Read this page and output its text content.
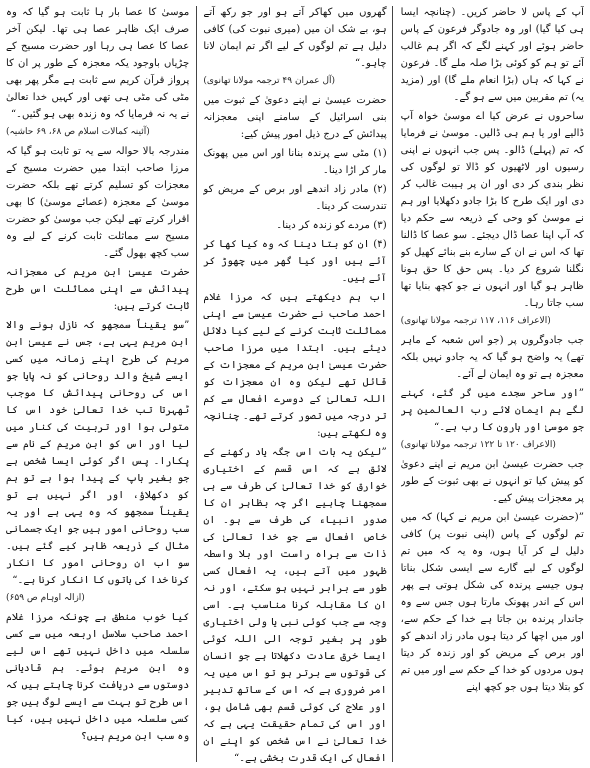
آپ کے پاس لا حاضر کریں۔ (چنانچہ ایسا ہی کیا گیا) اور وہ جادوگر فرعون کے پاس حاضر ہوئے اور کہنے لگے کہ اگر ہم غالب آئے تو ہم کو کوئی بڑا صلہ ملے گا۔ فرعون نے کہا کہ ہاں (بڑا انعام ملے گا) اور (مزید یہ) تم مقربین میں سے ہو گے۔

ساحروں نے عرض کیا اے موسیٰ خواہ آپ ڈالیے اور یا ہم ہی ڈالیں۔ موسیٰ نے فرمایا کہ تم (پہلے) ڈالو۔ پس جب انہوں نے اپنی رسیوں اور لاٹھیوں کو ڈالا تو لوگوں کی نظر بندی کر دی اور ان پر ہیبت غالب کر دی اور ایک طرح کا بڑا جادو دکھلایا اور ہم نے موسیٰ کو وحی کے ذریعہ سے حکم دیا کہ آپ اپنا عصا ڈال دیجئے۔ سو عصا کا ڈالنا تھا کہ اس نے ان کے سارے بنے بنائے کھیل کو نگلنا شروع کر دیا۔ پس حق کا حق ہونا ظاہر ہو گیا اور انہوں نے جو کچھ بنایا تھا سب جاتا رہا۔

(الاعراف ۱۱۶، ۱۱۷ ترجمہ مولانا تھانوی)

جب جادوگروں پر (جو اس شعبہ کے ماہر تھے) یہ واضح ہو گیا کہ یہ جادو نہیں بلکہ معجزہ ہے تو وہ ایمان لے آئے۔

”اور ساحر سجدے میں گر گئے، کہنے لگے ہم ایمان لائے رب العالمین پر جو موسیٰ اور ہارون کا رب ہے۔“

(الاعراف ۱۲۰ تا ۱۲۲ ترجمہ مولانا تھانوی)

جب حضرت عیسیٰ ابن مریم نے اپنے دعویٰ کو پیش کیا تو انہوں نے بھی ثبوت کے طور پر معجزات پیش کیے۔

”(حضرت عیسیٰ ابن مریم نے کہا) کہ میں تم لوگوں کے پاس (اپنی نبوت پر) کافی دلیل لے کر آیا ہوں، وہ یہ کہ میں تم لوگوں کے لیے گارے سے ایسی شکل بناتا ہوں جیسے پرندہ کی شکل ہوتی ہے پھر اس کے اندر پھونک مارتا ہوں جس سے وہ جاندار پرندہ بن جاتا ہے خدا کے حکم سے، اور میں اچھا کر دیتا ہوں مادر زاد اندھے کو اور برص کے مریض کو اور زندہ کر دیتا ہوں مردوں کو خدا کے حکم سے اور میں تم کو بتلا دیتا ہوں جو کچھ اپنے

گھروں میں کھاکر آتے ہو اور جو رکھ آتے ہو، بے شک ان میں (میری نبوت کی) کافی دلیل ہے تم لوگوں کے لیے اگر تم ایمان لانا چاہو۔“

(آل عمران ۴۹ ترجمہ مولانا تھانوی)

حضرت عیسیٰ نے اپنے دعویٰ کے ثبوت میں بنی اسرائیل کے سامنے اپنی معجزانہ پیدائش کے درج ذیل امور پیش کیے:

(۱) مٹی سے پرندہ بنانا اور اس میں پھونک مار کر اڑا دینا۔

(۲) مادر زاد اندھے اور برص کے مریض کو تندرست کر دینا۔

(۳) مردے کو زندہ کر دینا۔

(۴) ان کو بتا دینا کہ وہ کیا کھا کر آئے ہیں اور کیا گھر میں چھوڑ کر آئے ہیں۔

اب ہم دیکھتے ہیں کہ مرزا غلام احمد صاحب نے حضرت عیسیٰ سے اپنی مماثلت ثابت کرنے کے لیے کیا دلائل دیئے ہیں۔ ابتدا میں مرزا صاحب حضرت عیسیٰ ابن مریم کے معجزات کے قائل تھے لیکن وہ ان معجزات کو اللہ تعالیٰ کے دوسرے افعال سے کم تر درجہ میں تصور کرتے تھے۔ چنانچہ وہ لکھتے ہیں:

”لیکن یہ بات اس جگہ یاد رکھنے کے لائق ہے کہ اس قسم کے اختیاری خوارق کو خدا تعالیٰ کی طرف سے ہی سمجھنا چاہیے اگر چہ بظاہر ان کا صدور انبیاء کی طرف سے ہو۔ ان خاص افعال سے جو خدا تعالیٰ کی ذات سے براہ راست اور بلا واسطہ ظہور میں آتے ہیں، یہ افعال کسی طور سے برابر نہیں ہو سکتے، اور نہ ان کا مقابلہ کرنا مناسب ہے۔ اسی وجہ سے جب کوئی نبی یا ولی اختیاری طور پر بغیر توجہ الی اللہ کوئی ایسا خرق عادت دکھلاتا ہے جو انسان کی قوتوں سے برتر ہو تو اس میں یہ امر ضروری ہے کہ اس کے ساتھ تدبیر اور علاج کی کوئی قسم بھی شامل ہو، اور اس کی تمام حقیقت یہی ہے کہ خدا تعالیٰ نے اس شخص کو اپنے ان افعال کی ایک قدرت بخشی ہے۔“

موسیٰ کا عصا بار ہا ثابت ہو گیا کہ وہ صرف ایک ظاہر عصا ہی تھا۔ لیکن آخر عصا کا عصا ہی رہا اور حضرت مسیح کے چڑیاں باوجود یکہ معجزہ کے طور پر ان کا پرواز قرآن کریم سے ثابت ہے مگر پھر بھی مٹی کی مٹی ہی تھی اور کہیں خدا تعالیٰ نے یہ نہ فرمایا کہ وہ زندہ بھی ہو گئیں۔“

(آئینہ کمالات اسلام ص ۶۸، ۶۹ حاشیہ)

مندرجہ بالا حوالہ سے یہ تو ثابت ہو گیا کہ مرزا صاحب ابتدا میں حضرت مسیح کے معجزات کو تسلیم کرتے تھے بلکہ حضرت موسیٰ کے معجزہ (عصائے موسیٰ) کا بھی اقرار کرتے تھے لیکن جب موسیٰ کو حضرت مسیح سے مماثلت ثابت کرنے کے لیے وہ سب کچھ بھول گئے۔

حضرت عیسیٰ ابن مریم کی معجزانہ پیدائش سے اپنی مماثلت اس طرح ثابت کرتے ہیں:

”سو یقیناً سمجھو کہ نازل ہونے والا ابن مریم یہی ہے، جس نے عیسیٰ ابن مریم کی طرح اپنے زمانہ میں کسی ایسے شیخ والد روحانی کو نہ پایا جو اس کی روحانی پیدائش کا موجب ٹھہرتا تب خدا تعالیٰ خود اس کا متولی ہوا اور تربیت کی کنار میں لیا اور اس کو ابن مریم کے نام سے پکارا۔ پس اگر کوئی ایسا شخص ہے جو بغیر باپ کے پیدا ہوا ہے تو ہم کو دکھلاؤ، اور اگر نہیں ہے تو یقیناً سمجھو کہ وہ یہی ہے اور یہ سب روحانی امور ہیں جو ایک جسمانی مثال کے ذریعہ ظاہر کیے گئے ہیں۔ سو اب ان روحانی امور کا انکار کرنا خدا کی باتوں کا انکار کرنا ہے۔“

(ازالہ اوہام ص ۶۵۹)

کیا خوب منطق ہے چونکہ مرزا غلام احمد صاحب سلاسل اربعہ میں سے کسی سلسلہ میں داخل نہیں تھے اس لیے وہ ابن مریم ہوئے۔ ہم قادیانی دوستوں سے دریافت کرنا چاہتے ہیں کہ اس طرح تو بہت سے ایسے لوگ ہیں جو کسی سلسلہ میں داخل نہیں ہیں، کیا وہ سب ابن مریم ہیں؟
